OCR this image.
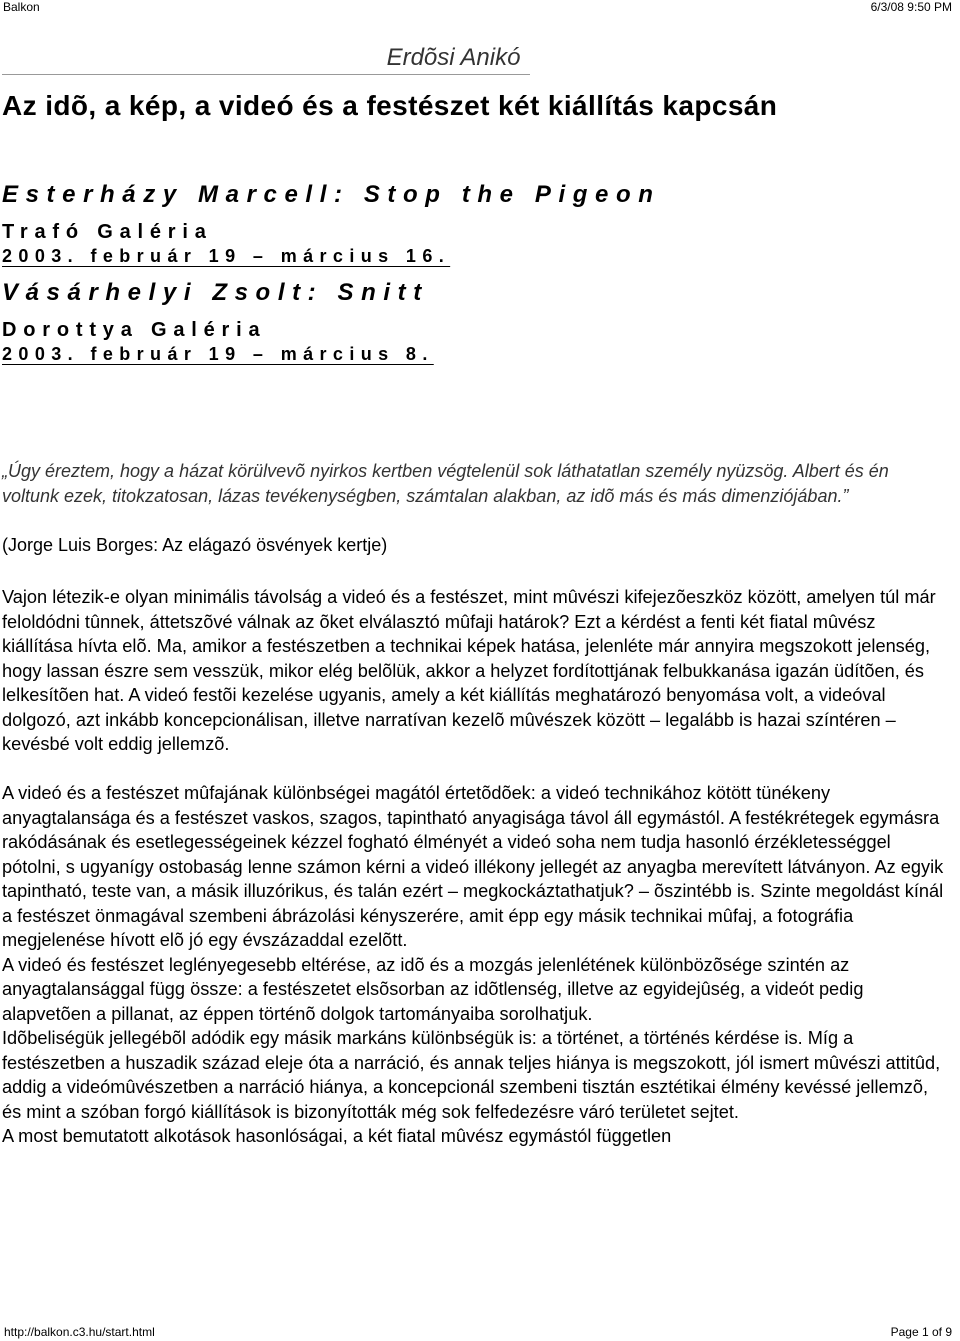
Balkon	6/3/08 9:50 PM
Erdõsi Anikó
Az idõ, a kép, a videó és a festészet két kiállítás kapcsán
Esterházy Marcell: Stop the Pigeon
Trafó Galéria
2003. február 19 – március 16.
Vásárhelyi Zsolt: Snitt
Dorottya Galéria
2003. február 19 – március 8.

„Úgy éreztem, hogy a házat körülvevõ nyirkos kertben végtelenül sok láthatatlan személy nyüzsög. Albert és én voltunk ezek, titokzatosan, lázas tevékenységben, számtalan alakban, az idõ más és más dimenziójában.”

(Jorge Luis Borges: Az elágazó ösvények kertje)

Vajon létezik-e olyan minimális távolság a videó és a festészet, mint mûvészi kifejezõeszköz között, amelyen túl már feloldódni tûnnek, áttetszõvé válnak az õket elválasztó mûfaji határok? Ezt a kérdést a fenti két fiatal mûvész kiállítása hívta elõ. Ma, amikor a festészetben a technikai képek hatása, jelenléte már annyira megszokott jelenség, hogy lassan észre sem vesszük, mikor elég belõlük, akkor a helyzet fordítottjának felbukkanása igazán üdítõen, és lelkesítõen hat. A videó festõi kezelése ugyanis, amely a két kiállítás meghatározó benyomása volt, a videóval dolgozó, azt inkább koncepcionálisan, illetve narratívan kezelõ mûvészek között – legalább is hazai színtéren – kevésbé volt eddig jellemzõ.

A videó és a festészet mûfajának különbségei magától értetõdõek: a videó technikához kötött tünékeny anyagtalansága és a festészet vaskos, szagos, tapintható anyagisága távol áll egymástól. A festékrétegek egymásra rakódásának és esetlegességeinek kézzel fogható élményét a videó soha nem tudja hasonló érzékletességgel pótolni, s ugyanígy ostobaság lenne számon kérni a videó illékony jellegét az anyagba merevített látványon. Az egyik tapintható, teste van, a másik illuzórikus, és talán ezért – megkockáztathatjuk? – õszintébb is. Szinte megoldást kínál a festészet önmagával szembeni ábrázolási kényszerére, amit épp egy másik technikai mûfaj, a fotográfia megjelenése hívott elõ jó egy évszázaddal ezelõtt.

A videó és festészet leglényegesebb eltérése, az idõ és a mozgás jelenlétének különbözõsége szintén az anyagtalansággal függ össze: a festészetet elsõsorban az idõtlenség, illetve az egyidejûség, a videót pedig alapvetõen a pillanat, az éppen történõ dolgok tartományaiba sorolhatjuk.

Idõbeliségük jellegébõl adódik egy másik markáns különbségük is: a történet, a történés kérdése is. Míg a festészetben a huszadik század eleje óta a narráció, és annak teljes hiánya is megszokott, jól ismert mûvészi attitûd, addig a videómûvészetben a narráció hiánya, a koncepcionál szembeni tisztán esztétikai élmény kevéssé jellemzõ, és mint a szóban forgó kiállítások is bizonyították még sok felfedezésre váró területet sejtet.

A most bemutatott alkotások hasonlóságai, a két fiatal mûvész egymástól független

http://balkon.c3.hu/start.html	Page 1 of 9
